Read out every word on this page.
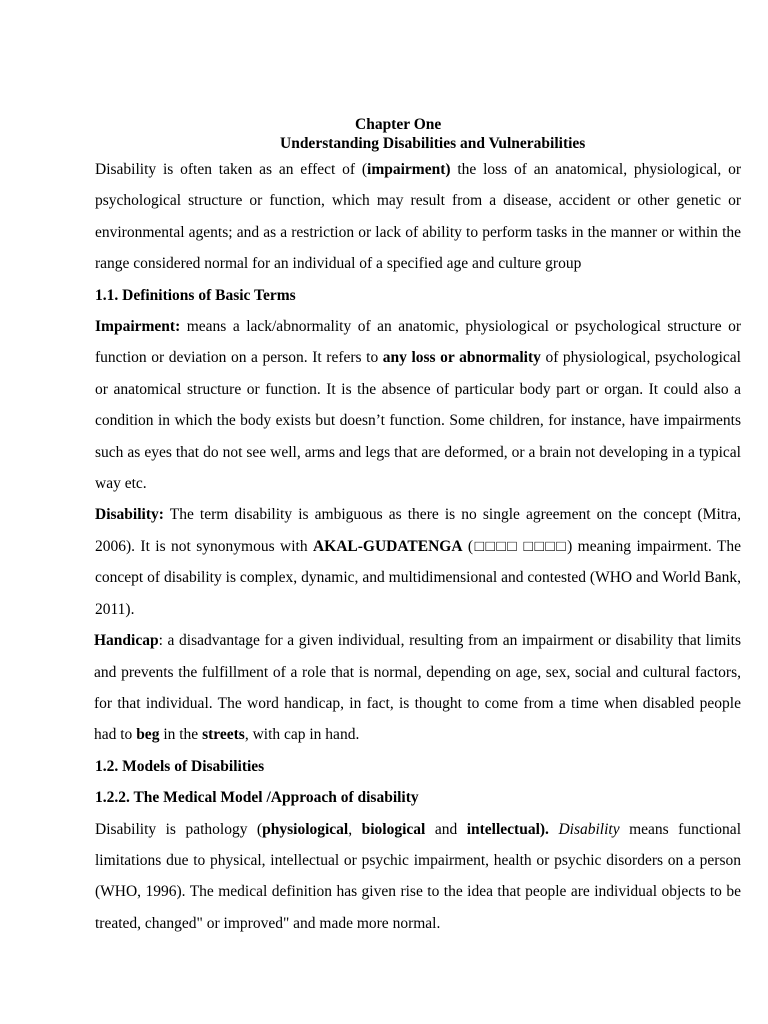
Chapter One
Understanding Disabilities and Vulnerabilities

Disability is often taken as an effect of (impairment) the loss of an anatomical, physiological, or psychological structure or function, which may result from a disease, accident or other genetic or environmental agents; and as a restriction or lack of ability to perform tasks in the manner or within the range considered normal for an individual of a specified age and culture group

1.1. Definitions of Basic Terms

Impairment: means a lack/abnormality of an anatomic, physiological or psychological structure or function or deviation on a person. It refers to any loss or abnormality of physiological, psychological or anatomical structure or function. It is the absence of particular body part or organ. It could also a condition in which the body exists but doesn’t function. Some children, for instance, have impairments such as eyes that do not see well, arms and legs that are deformed, or a brain not developing in a typical way etc.

Disability: The term disability is ambiguous as there is no single agreement on the concept (Mitra, 2006). It is not synonymous with AKAL-GUDATENGA (□□□□ □□□□) meaning impairment. The concept of disability is complex, dynamic, and multidimensional and contested (WHO and World Bank, 2011).

Handicap: a disadvantage for a given individual, resulting from an impairment or disability that limits and prevents the fulfillment of a role that is normal, depending on age, sex, social and cultural factors, for that individual. The word handicap, in fact, is thought to come from a time when disabled people had to beg in the streets, with cap in hand.

1.2. Models of Disabilities
1.2.2. The Medical Model /Approach of disability

Disability is pathology (physiological, biological and intellectual). Disability means functional limitations due to physical, intellectual or psychic impairment, health or psychic disorders on a person (WHO, 1996). The medical definition has given rise to the idea that people are individual objects to be treated, changed" or improved" and made more normal.
